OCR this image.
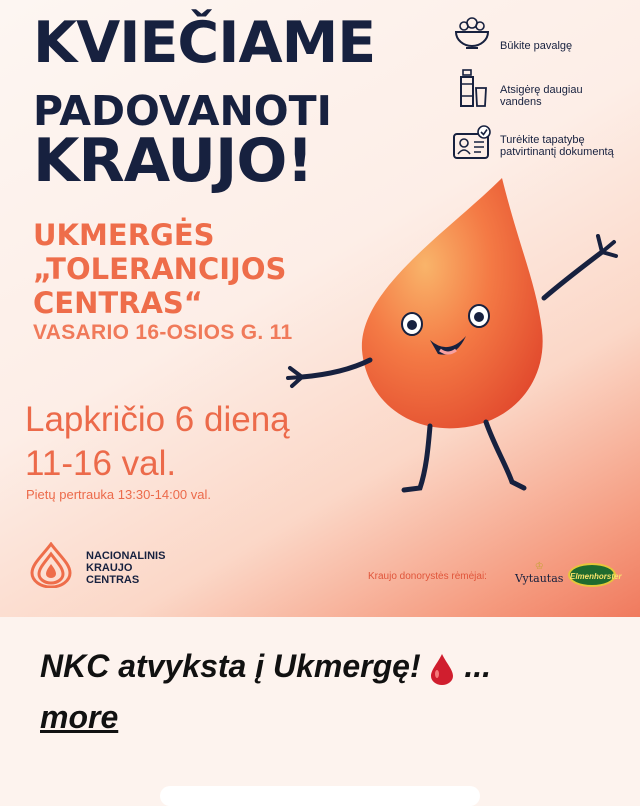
KVIEČIAME
PADOVANOTI
KRAUJO!
Būkite pavalgę
Atsigėrę daugiau
vandens
Turėkite tapatybę
patvirtinantį dokumentą
UKMERGĖS
„TOLERANCIJOS
CENTRAS“
VASARIO 16-OSIOS G. 11
Lapkričio 6 dieną
11-16 val.
Pietų pertrauka 13:30-14:00 val.
NACIONALINIS
KRAUJO
CENTRAS	Kraujo donorystės rėmėjai:
♔
Vytautas Elmenhorster
NKC atvyksta į Ukmergę! ...
more
